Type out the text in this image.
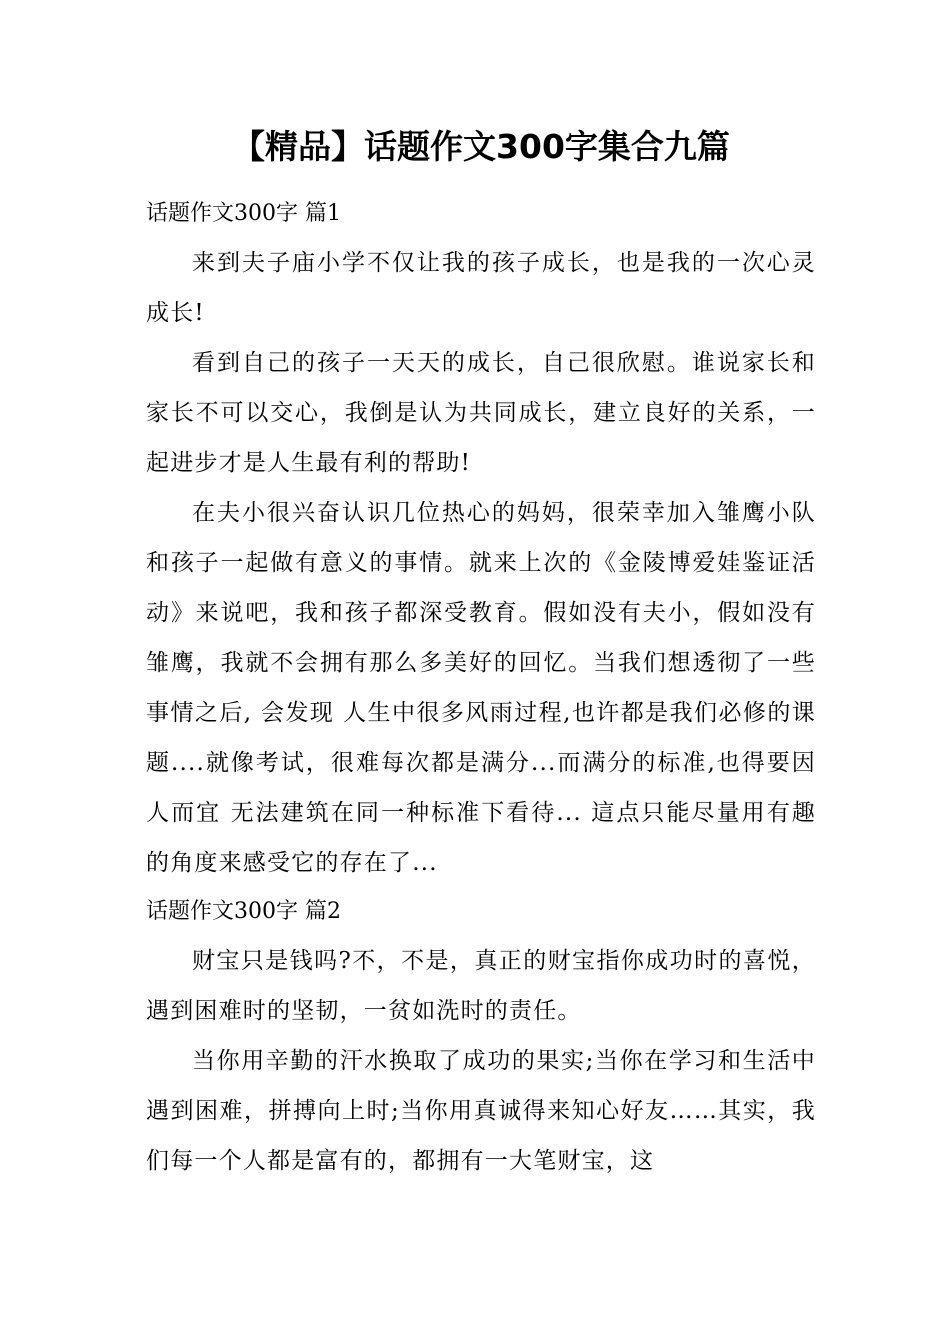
【精品】话题作文300字集合九篇

话题作文300字 篇1

来到夫子庙小学不仅让我的孩子成长，也是我的一次心灵成长!

看到自己的孩子一天天的成长，自己很欣慰。谁说家长和家长不可以交心，我倒是认为共同成长，建立良好的关系，一起进步才是人生最有利的帮助!

在夫小很兴奋认识几位热心的妈妈，很荣幸加入雏鹰小队和孩子一起做有意义的事情。就来上次的《金陵博爱娃鉴证活动》来说吧，我和孩子都深受教育。假如没有夫小，假如没有雏鹰，我就不会拥有那么多美好的回忆。当我们想透彻了一些事情之后, 会发现 人生中很多风雨过程,也许都是我们必修的课题....就像考试，很难每次都是满分...而满分的标准,也得要因人而宜 无法建筑在同一种标准下看待... 這点只能尽量用有趣的角度来感受它的存在了...

话题作文300字 篇2

财宝只是钱吗?不，不是，真正的财宝指你成功时的喜悦，遇到困难时的坚韧，一贫如洗时的责任。

当你用辛勤的汗水换取了成功的果实;当你在学习和生活中遇到困难，拼搏向上时;当你用真诚得来知心好友……其实，我们每一个人都是富有的，都拥有一大笔财宝，这
